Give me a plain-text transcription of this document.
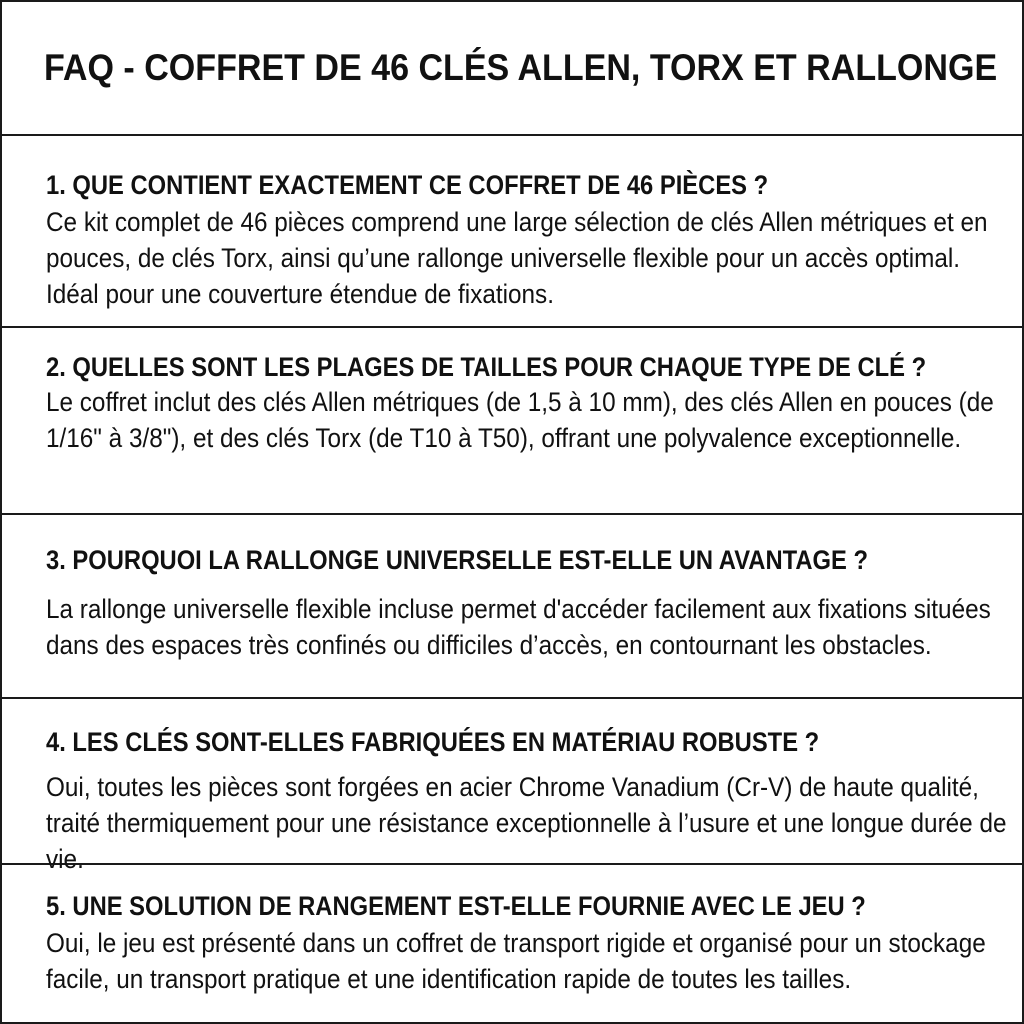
FAQ - COFFRET DE 46 CLÉS ALLEN, TORX ET RALLONGE
1. QUE CONTIENT EXACTEMENT CE COFFRET DE 46 PIÈCES ?

Ce kit complet de 46 pièces comprend une large sélection de clés Allen métriques et en pouces, de clés Torx, ainsi qu’une rallonge universelle flexible pour un accès optimal. Idéal pour une couverture étendue de fixations.

2. QUELLES SONT LES PLAGES DE TAILLES POUR CHAQUE TYPE DE CLÉ ?

Le coffret inclut des clés Allen métriques (de 1,5 à 10 mm), des clés Allen en pouces (de 1/16" à 3/8"), et des clés Torx (de T10 à T50), offrant une polyvalence exceptionnelle.

3. POURQUOI LA RALLONGE UNIVERSELLE EST-ELLE UN AVANTAGE ?

La rallonge universelle flexible incluse permet d'accéder facilement aux fixations situées dans des espaces très confinés ou difficiles d’accès, en contournant les obstacles.

4. LES CLÉS SONT-ELLES FABRIQUÉES EN MATÉRIAU ROBUSTE ?

Oui, toutes les pièces sont forgées en acier Chrome Vanadium (Cr-V) de haute qualité, traité thermiquement pour une résistance exceptionnelle à l’usure et une longue durée de vie.

5. UNE SOLUTION DE RANGEMENT EST-ELLE FOURNIE AVEC LE JEU ?

Oui, le jeu est présenté dans un coffret de transport rigide et organisé pour un stockage facile, un transport pratique et une identification rapide de toutes les tailles.
